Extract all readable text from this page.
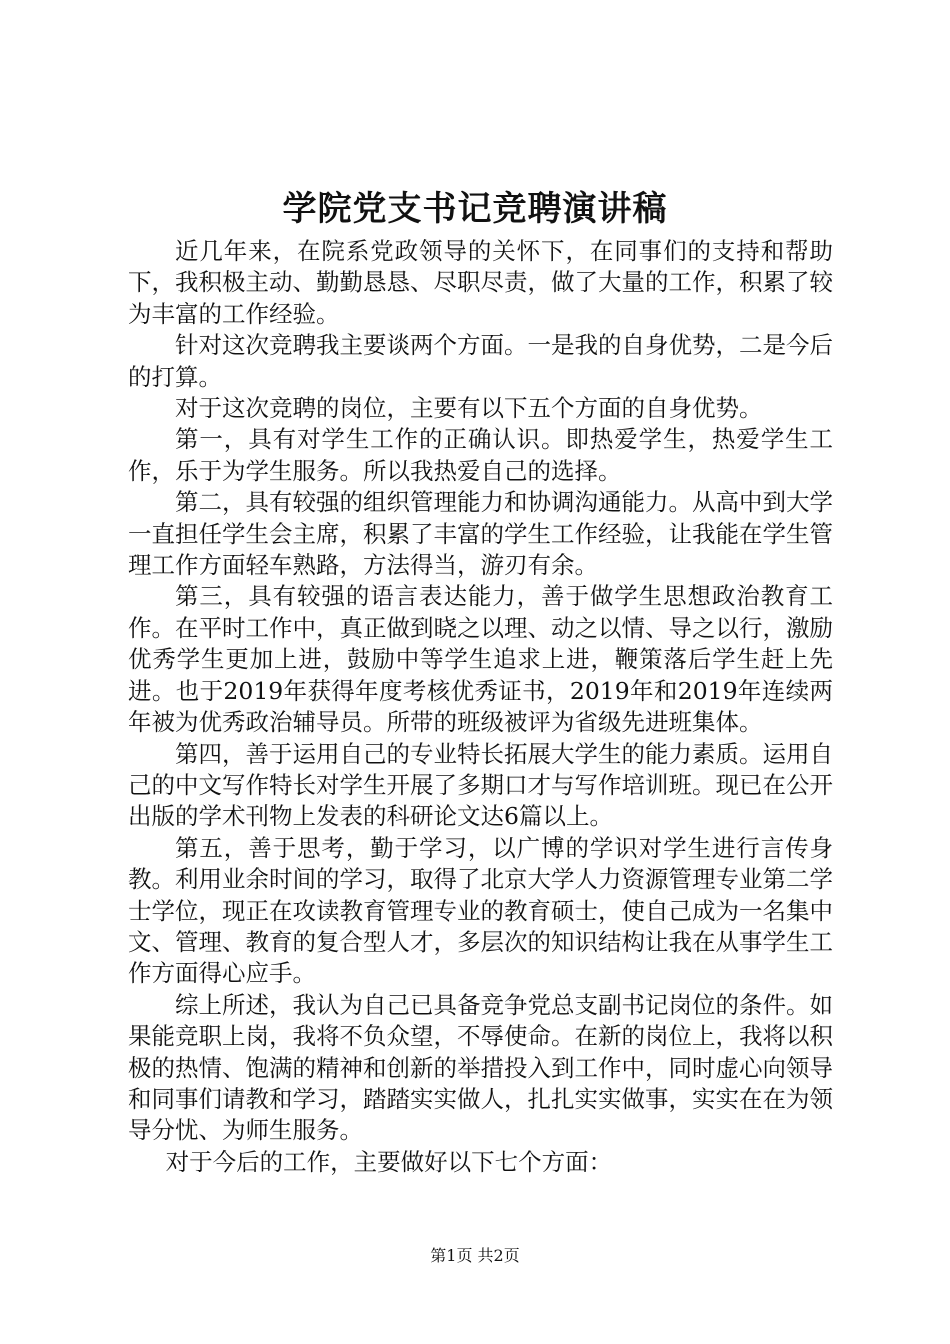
学院党支书记竞聘演讲稿

近几年来，在院系党政领导的关怀下，在同事们的支持和帮助下，我积极主动、勤勤恳恳、尽职尽责，做了大量的工作，积累了较为丰富的工作经验。

针对这次竞聘我主要谈两个方面。一是我的自身优势，二是今后的打算。

对于这次竞聘的岗位，主要有以下五个方面的自身优势。

第一，具有对学生工作的正确认识。即热爱学生，热爱学生工作，乐于为学生服务。所以我热爱自己的选择。

第二，具有较强的组织管理能力和协调沟通能力。从高中到大学一直担任学生会主席，积累了丰富的学生工作经验，让我能在学生管理工作方面轻车熟路，方法得当，游刃有余。

第三，具有较强的语言表达能力，善于做学生思想政治教育工作。在平时工作中，真正做到晓之以理、动之以情、导之以行，激励优秀学生更加上进，鼓励中等学生追求上进，鞭策落后学生赶上先进。也于2019年获得年度考核优秀证书，2019年和2019年连续两年被为优秀政治辅导员。所带的班级被评为省级先进班集体。

第四，善于运用自己的专业特长拓展大学生的能力素质。运用自己的中文写作特长对学生开展了多期口才与写作培训班。现已在公开出版的学术刊物上发表的科研论文达6篇以上。

第五，善于思考，勤于学习，以广博的学识对学生进行言传身教。利用业余时间的学习，取得了北京大学人力资源管理专业第二学士学位，现正在攻读教育管理专业的教育硕士，使自己成为一名集中文、管理、教育的复合型人才，多层次的知识结构让我在从事学生工作方面得心应手。

综上所述，我认为自己已具备竞争党总支副书记岗位的条件。如果能竞职上岗，我将不负众望，不辱使命。在新的岗位上，我将以积极的热情、饱满的精神和创新的举措投入到工作中，同时虚心向领导和同事们请教和学习，踏踏实实做人，扎扎实实做事，实实在在为领导分忧、为师生服务。

对于今后的工作，主要做好以下七个方面：

第1页 共2页
